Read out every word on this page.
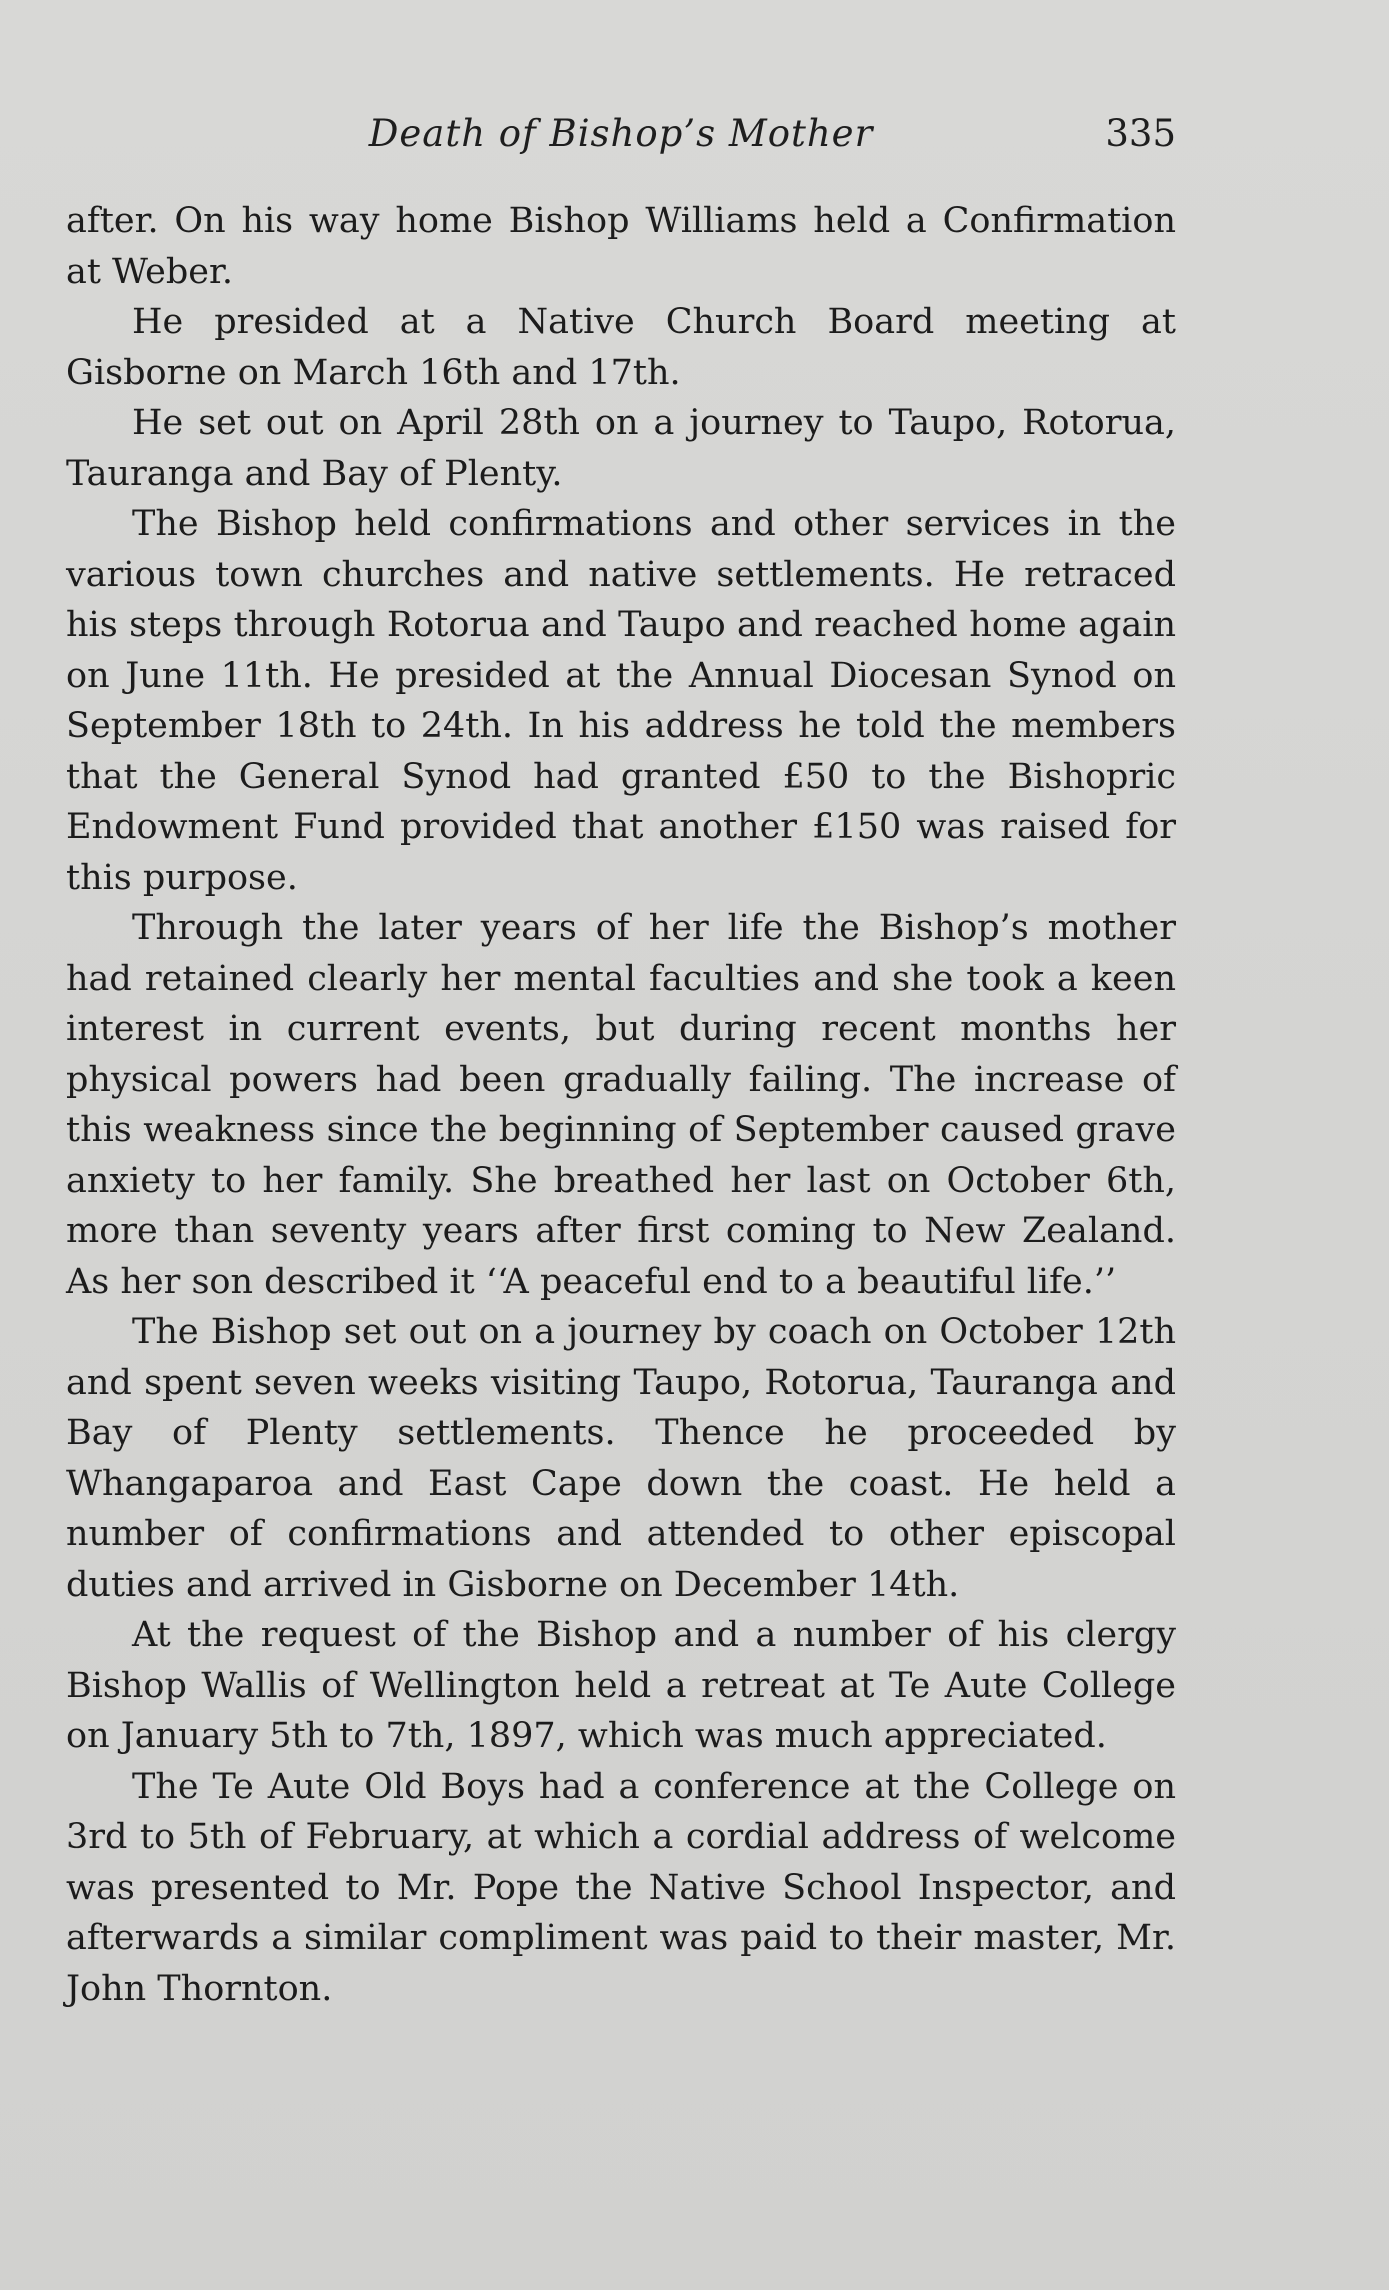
Death of Bishop’s Mother	335

after. On his way home Bishop Williams held a Confirmation at Weber.

He presided at a Native Church Board meeting at Gisborne on March 16th and 17th.

He set out on April 28th on a journey to Taupo, Rotorua, Tauranga and Bay of Plenty.

The Bishop held confirmations and other services in the various town churches and native settlements. He retraced his steps through Rotorua and Taupo and reached home again on June 11th. He presided at the Annual Diocesan Synod on September 18th to 24th. In his address he told the members that the General Synod had granted £50 to the Bishopric Endowment Fund provided that another £150 was raised for this purpose.

Through the later years of her life the Bishop’s mother had retained clearly her mental faculties and she took a keen interest in current events, but during recent months her physical powers had been gradually failing. The increase of this weakness since the beginning of September caused grave anxiety to her family. She breathed her last on October 6th, more than seventy years after first coming to New Zealand. As her son described it ‘‘A peaceful end to a beautiful life.’’

The Bishop set out on a journey by coach on October 12th and spent seven weeks visiting Taupo, Rotorua, Tauranga and Bay of Plenty settlements. Thence he proceeded by Whangaparoa and East Cape down the coast. He held a number of confirmations and attended to other episcopal duties and arrived in Gisborne on December 14th.

At the request of the Bishop and a number of his clergy Bishop Wallis of Wellington held a retreat at Te Aute College on January 5th to 7th, 1897, which was much appreciated.

The Te Aute Old Boys had a conference at the College on 3rd to 5th of February, at which a cordial address of welcome was presented to Mr. Pope the Native School Inspector, and afterwards a similar compliment was paid to their master, Mr. John Thornton.
